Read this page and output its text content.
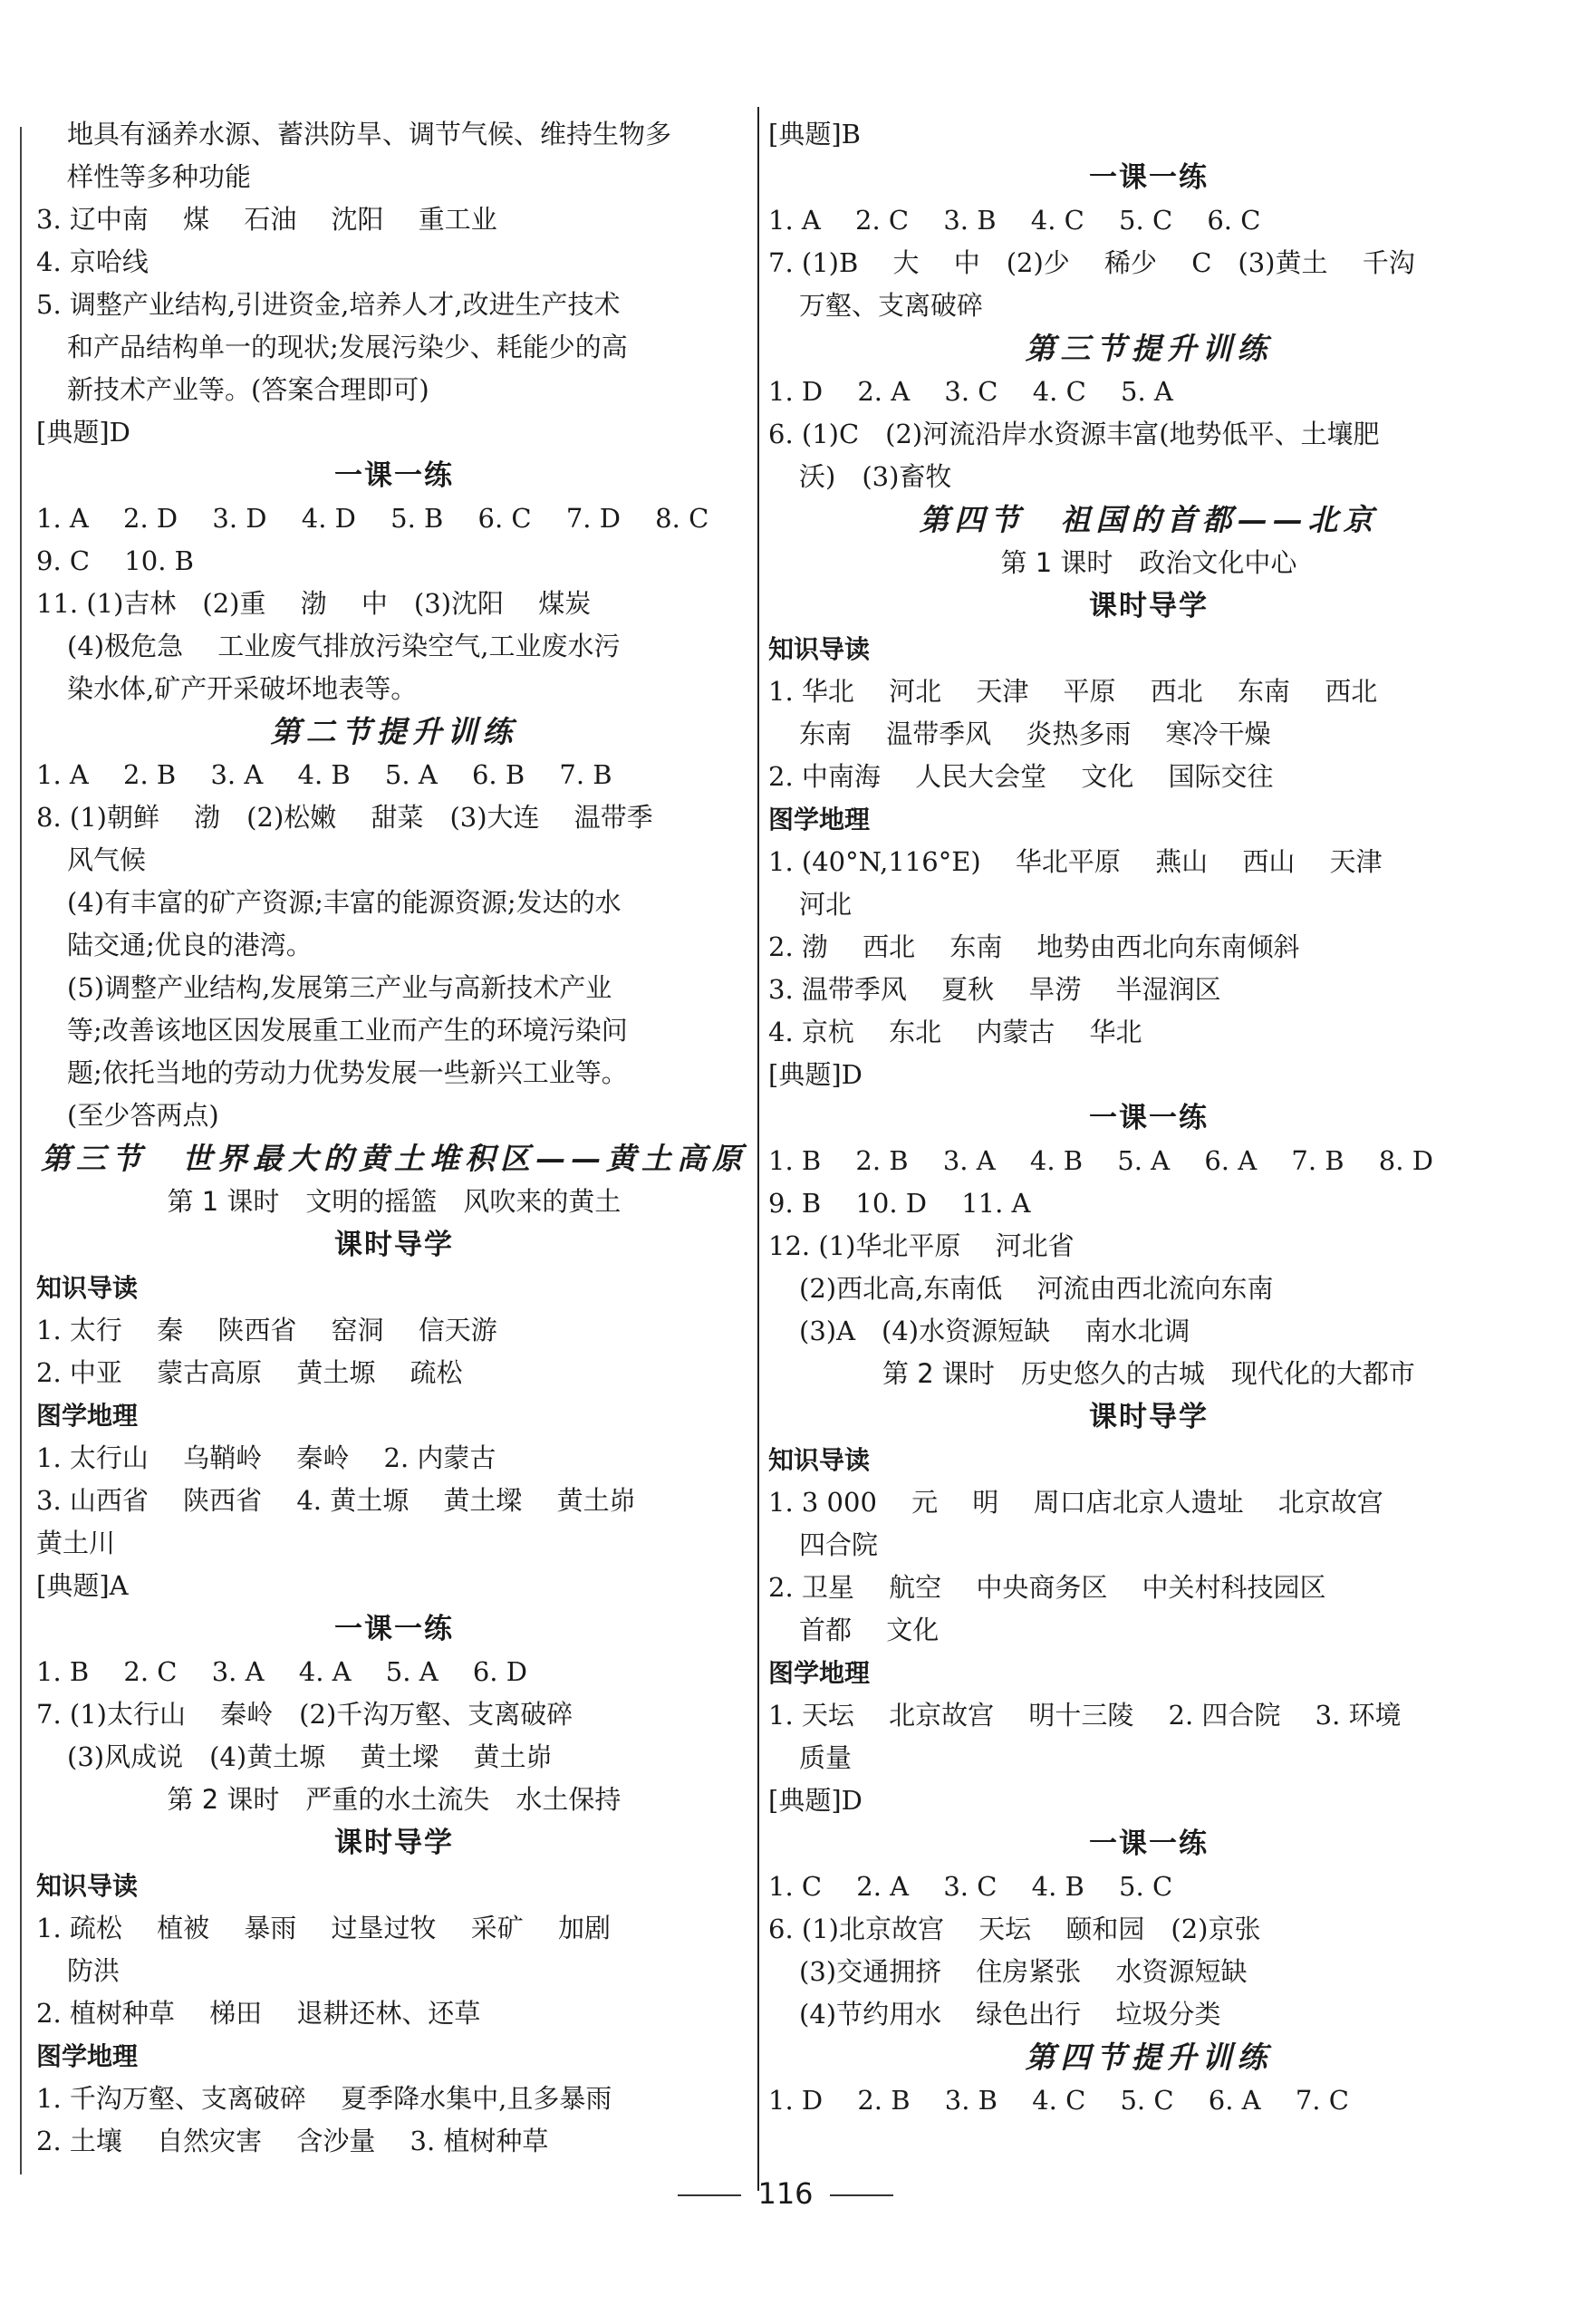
地具有涵养水源、蓄洪防旱、调节气候、维持生物多
样性等多种功能
3. 辽中南　 煤　 石油　 沈阳　 重工业
4. 京哈线
5. 调整产业结构,引进资金,培养人才,改进生产技术
和产品结构单一的现状;发展污染少、耗能少的高
新技术产业等。(答案合理即可)
[典题]D
一课一练
1. A　 2. D　 3. D　 4. D　 5. B　 6. C　 7. D　 8. C
9. C　 10. B
11. (1)吉林　(2)重　 渤　 中　(3)沈阳　 煤炭
(4)极危急　 工业废气排放污染空气,工业废水污
染水体,矿产开采破坏地表等。
第二节提升训练
1. A　 2. B　 3. A　 4. B　 5. A　 6. B　 7. B
8. (1)朝鲜　 渤　(2)松嫩　 甜菜　(3)大连　 温带季
风气候
(4)有丰富的矿产资源;丰富的能源资源;发达的水
陆交通;优良的港湾。
(5)调整产业结构,发展第三产业与高新技术产业
等;改善该地区因发展重工业而产生的环境污染问
题;依托当地的劳动力优势发展一些新兴工业等。
(至少答两点)
第三节　世界最大的黄土堆积区——黄土高原
第 1 课时　文明的摇篮　风吹来的黄土
课时导学
知识导读
1. 太行　 秦　 陕西省　 窑洞　 信天游
2. 中亚　 蒙古高原　 黄土塬　 疏松
图学地理
1. 太行山　 乌鞘岭　 秦岭　 2. 内蒙古
3. 山西省　 陕西省　 4. 黄土塬　 黄土墚　 黄土峁
黄土川
[典题]A
一课一练
1. B　 2. C　 3. A　 4. A　 5. A　 6. D
7. (1)太行山　 秦岭　(2)千沟万壑、支离破碎
(3)风成说　(4)黄土塬　 黄土墚　 黄土峁
第 2 课时　严重的水土流失　水土保持
课时导学
知识导读
1. 疏松　 植被　 暴雨　 过垦过牧　 采矿　 加剧
防洪
2. 植树种草　 梯田　 退耕还林、还草
图学地理
1. 千沟万壑、支离破碎　 夏季降水集中,且多暴雨
2. 土壤　 自然灾害　 含沙量　 3. 植树种草
[典题]B
一课一练
1. A　 2. C　 3. B　 4. C　 5. C　 6. C
7. (1)B　 大　 中　(2)少　 稀少　 C　(3)黄土　 千沟
万壑、支离破碎
第三节提升训练
1. D　 2. A　 3. C　 4. C　 5. A
6. (1)C　(2)河流沿岸水资源丰富(地势低平、土壤肥
沃)　(3)畜牧
第四节　祖国的首都——北京
第 1 课时　政治文化中心
课时导学
知识导读
1. 华北　 河北　 天津　 平原　 西北　 东南　 西北
东南　 温带季风　 炎热多雨　 寒冷干燥
2. 中南海　 人民大会堂　 文化　 国际交往
图学地理
1. (40°N,116°E)　 华北平原　 燕山　 西山　 天津
河北
2. 渤　 西北　 东南　 地势由西北向东南倾斜
3. 温带季风　 夏秋　 旱涝　 半湿润区
4. 京杭　 东北　 内蒙古　 华北
[典题]D
一课一练
1. B　 2. B　 3. A　 4. B　 5. A　 6. A　 7. B　 8. D
9. B　 10. D　 11. A
12. (1)华北平原　 河北省
(2)西北高,东南低　 河流由西北流向东南
(3)A　(4)水资源短缺　 南水北调
第 2 课时　历史悠久的古城　现代化的大都市
课时导学
知识导读
1. 3 000　 元　 明　 周口店北京人遗址　 北京故宫
四合院
2. 卫星　 航空　 中央商务区　 中关村科技园区
首都　 文化
图学地理
1. 天坛　 北京故宫　 明十三陵　 2. 四合院　 3. 环境
质量
[典题]D
一课一练
1. C　 2. A　 3. C　 4. B　 5. C
6. (1)北京故宫　 天坛　 颐和园　(2)京张
(3)交通拥挤　 住房紧张　 水资源短缺
(4)节约用水　 绿色出行　 垃圾分类
第四节提升训练
1. D　 2. B　 3. B　 4. C　 5. C　 6. A　 7. C
116
